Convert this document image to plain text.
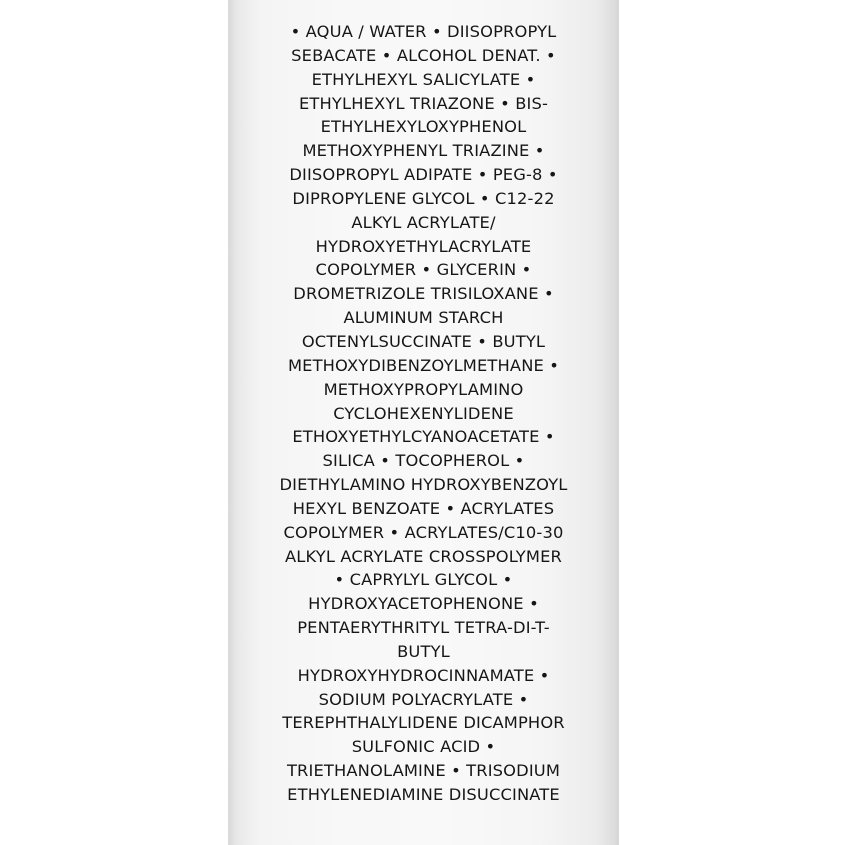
• AQUA / WATER • DIISOPROPYL
SEBACATE • ALCOHOL DENAT. •
ETHYLHEXYL SALICYLATE •
ETHYLHEXYL TRIAZONE • BIS-
ETHYLHEXYLOXYPHENOL
METHOXYPHENYL TRIAZINE •
DIISOPROPYL ADIPATE • PEG-8 •
DIPROPYLENE GLYCOL • C12-22
ALKYL ACRYLATE/
HYDROXYETHYLACRYLATE
COPOLYMER • GLYCERIN •
DROMETRIZOLE TRISILOXANE •
ALUMINUM STARCH
OCTENYLSUCCINATE • BUTYL
METHOXYDIBENZOYLMETHANE •
METHOXYPROPYLAMINO
CYCLOHEXENYLIDENE
ETHOXYETHYLCYANOACETATE •
SILICA • TOCOPHEROL •
DIETHYLAMINO HYDROXYBENZOYL
HEXYL BENZOATE • ACRYLATES
COPOLYMER • ACRYLATES/C10-30
ALKYL ACRYLATE CROSSPOLYMER
• CAPRYLYL GLYCOL •
HYDROXYACETOPHENONE •
PENTAERYTHRITYL TETRA-DI-T-
BUTYL
HYDROXYHYDROCINNAMATE •
SODIUM POLYACRYLATE •
TEREPHTHALYLIDENE DICAMPHOR
SULFONIC ACID •
TRIETHANOLAMINE • TRISODIUM
ETHYLENEDIAMINE DISUCCINATE
